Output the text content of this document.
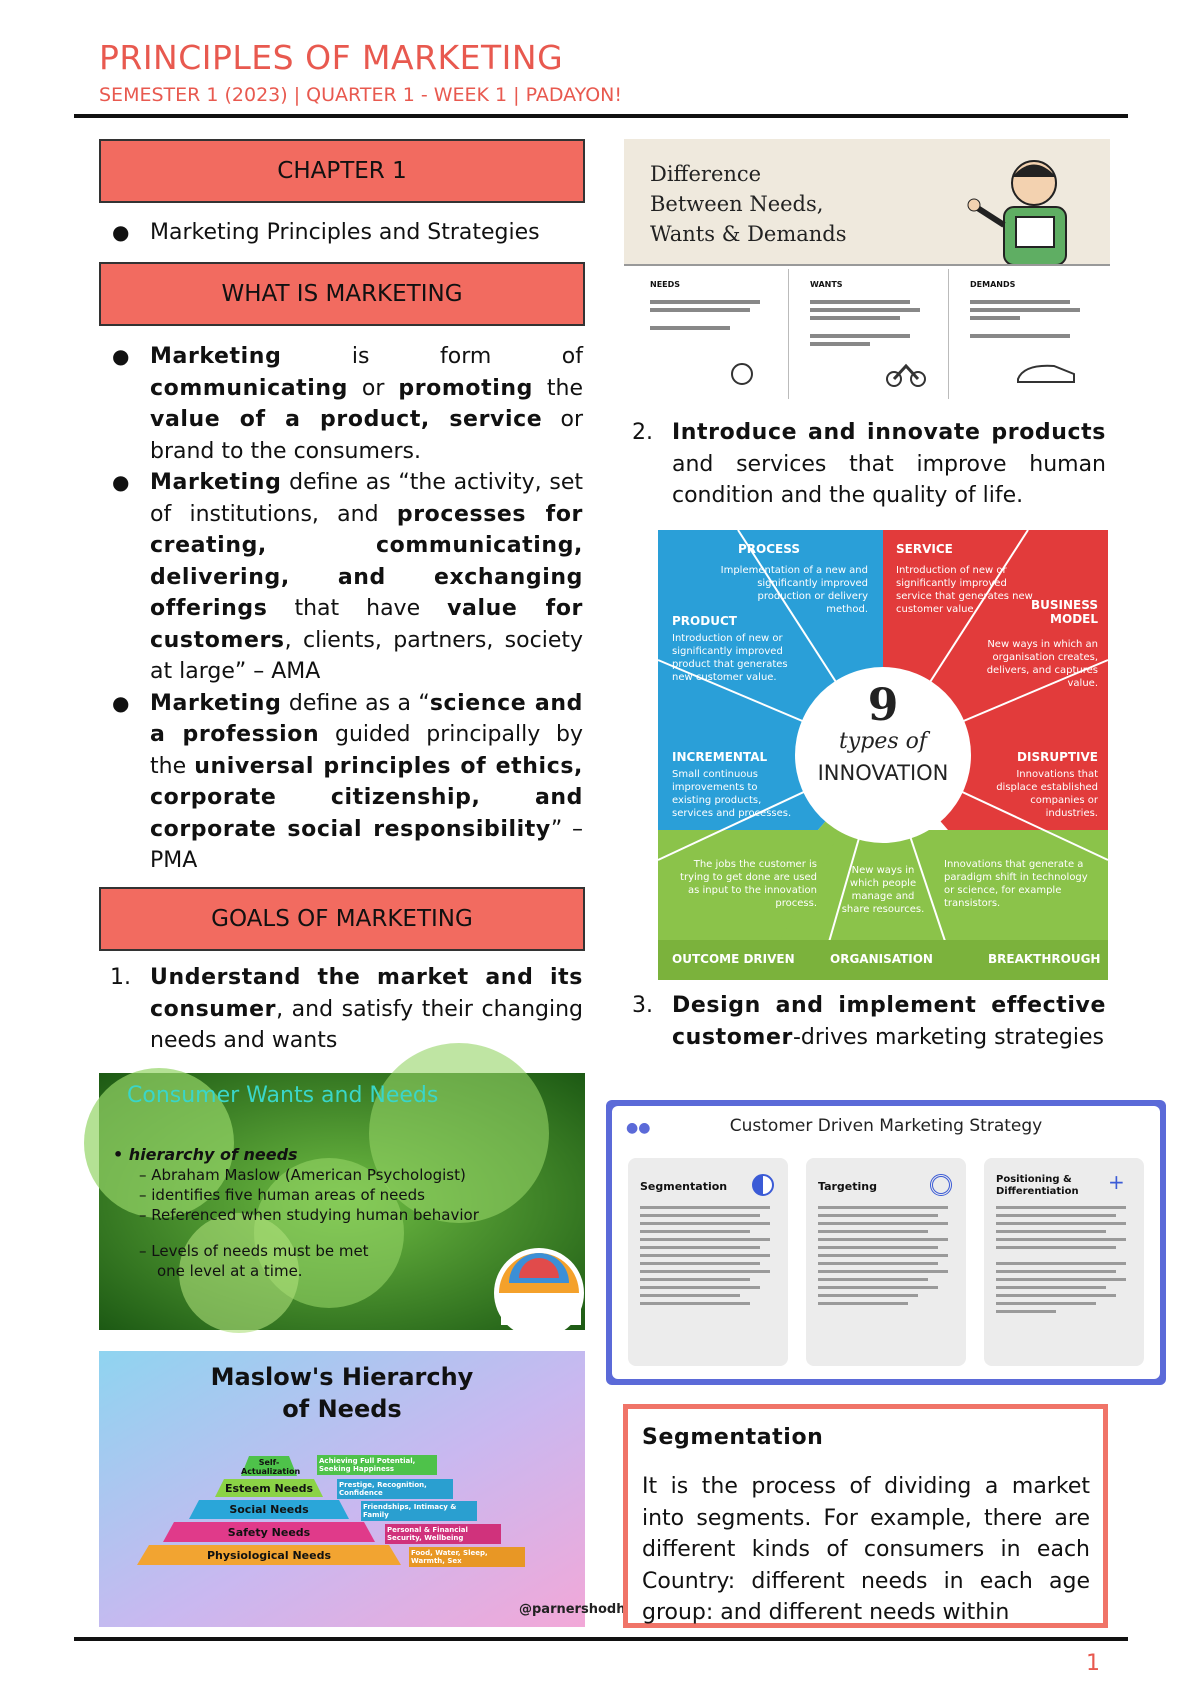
PRINCIPLES OF MARKETING
SEMESTER 1 (2023) | QUARTER 1 - WEEK 1 | PADAYON!
CHAPTER 1
● Marketing Principles and Strategies
WHAT IS MARKETING
● Marketing is form of communicating or promoting the value of a product, service or brand to the consumers.
● Marketing define as “the activity, set of institutions, and processes for creating, communicating, delivering, and exchanging offerings that have value for customers, clients, partners, society at large” – AMA
● Marketing define as a “science and a profession guided principally by the universal principles of ethics, corporate citizenship, and corporate social responsibility” – PMA
GOALS OF MARKETING
1. Understand the market and its consumer, and satisfy their changing needs and wants
Consumer Wants and Needs
• hierarchy of needs
– Abraham Maslow (American Psychologist)
– identifies five human areas of needs
– Referenced when studying human behavior
– Levels of needs must be met
one level at a time.
@parnershodh
Maslow's Hierarchy
of Needs
Self-Actualization
Esteem Needs
Social Needs
Safety Needs
Physiological Needs
Achieving Full Potential, Seeking Happiness
Prestige, Recognition, Confidence
Friendships, Intimacy & Family
Personal & Financial Security, Wellbeing
Food, Water, Sleep, Warmth, Sex
Difference
Between Needs,
Wants & Demands
NEEDS	WANTS	DEMANDS
2. Introduce and innovate products and services that improve human condition and the quality of life.
9
types of
INNOVATION
PROCESS
Implementation of a new and significantly improved production or delivery method.
SERVICE
Introduction of new or significantly improved service that generates new customer value.
PRODUCT
Introduction of new or significantly improved product that generates new customer value.
BUSINESS MODEL
New ways in which an organisation creates, delivers, and captures value.
INCREMENTAL
Small continuous improvements to existing products, services and processes.
DISRUPTIVE
Innovations that displace established companies or industries.
The jobs the customer is trying to get done are used as input to the innovation process.
New ways in which people manage and share resources.
Innovations that generate a paradigm shift in technology or science, for example transistors.
OUTCOME DRIVEN	ORGANISATION	BREAKTHROUGH
3. Design and implement effective customer-drives marketing strategies
●●	Customer Driven Marketing Strategy
Segmentation	Targeting
Positioning & Differentiation	+
Segmentation
It is the process of dividing a market into segments. For example, there are different kinds of consumers in each Country: different needs in each age group: and different needs within
1
